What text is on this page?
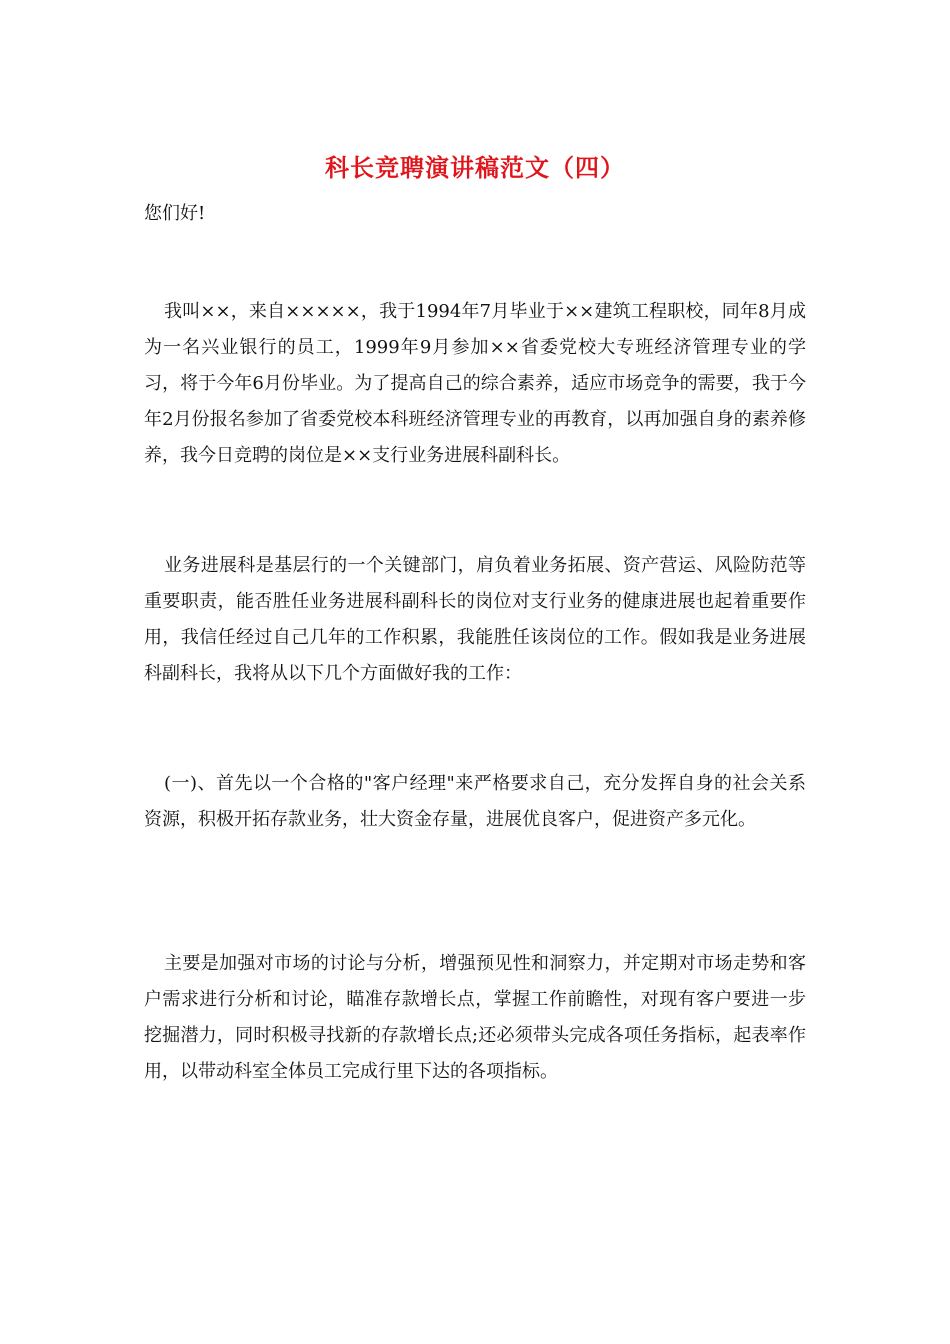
科长竞聘演讲稿范文（四）
您们好!

我叫××，来自×××××，我于1994年7月毕业于××建筑工程职校，同年8月成为一名兴业银行的员工，1999年9月参加××省委党校大专班经济管理专业的学习，将于今年6月份毕业。为了提高自己的综合素养，适应市场竞争的需要，我于今年2月份报名参加了省委党校本科班经济管理专业的再教育，以再加强自身的素养修养，我今日竞聘的岗位是××支行业务进展科副科长。

业务进展科是基层行的一个关键部门，肩负着业务拓展、资产营运、风险防范等重要职责，能否胜任业务进展科副科长的岗位对支行业务的健康进展也起着重要作用，我信任经过自己几年的工作积累，我能胜任该岗位的工作。假如我是业务进展科副科长，我将从以下几个方面做好我的工作：

(一)、首先以一个合格的"客户经理"来严格要求自己，充分发挥自身的社会关系资源，积极开拓存款业务，壮大资金存量，进展优良客户，促进资产多元化。

主要是加强对市场的讨论与分析，增强预见性和洞察力，并定期对市场走势和客户需求进行分析和讨论，瞄准存款增长点，掌握工作前瞻性，对现有客户要进一步挖掘潜力，同时积极寻找新的存款增长点;还必须带头完成各项任务指标，起表率作用，以带动科室全体员工完成行里下达的各项指标。
